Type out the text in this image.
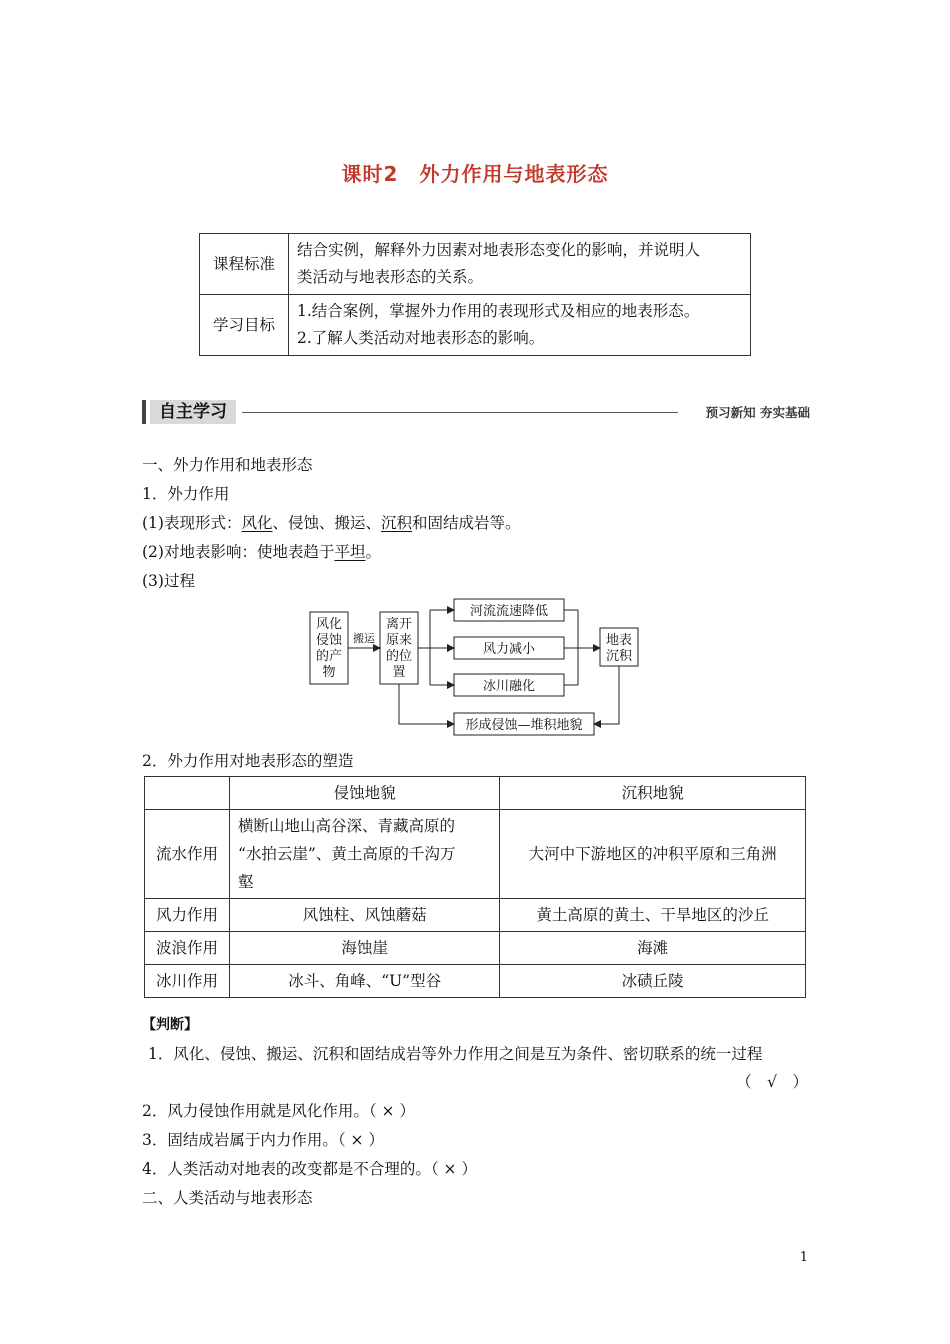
课时2　外力作用与地表形态
课程标准	结合实例，解释外力因素对地表形态变化的影响，并说明人
类活动与地表形态的关系。

学习目标	1.结合案例，掌握外力作用的表现形式及相应的地表形态。
2.了解人类活动对地表形态的影响。
自主学习	预习新知 夯实基础
一、外力作用和地表形态
1．外力作用
(1)表现形式：风化、侵蚀、搬运、沉积和固结成岩等。
(2)对地表影响：使地表趋于平坦。
(3)过程
风化
侵蚀
的产
物
搬运
离开
原来
的位
置
河流流速降低
风力减小
冰川融化
地表
沉积
形成侵蚀—堆积地貌
2．外力作用对地表形态的塑造
	侵蚀地貌	沉积地貌
流水作用	横断山地山高谷深、青藏高原的
“水拍云崖”、黄土高原的千沟万
壑	大河中下游地区的冲积平原和三角洲
风力作用	风蚀柱、风蚀蘑菇	黄土高原的黄土、干旱地区的沙丘
波浪作用	海蚀崖	海滩
冰川作用	冰斗、角峰、“U”型谷	冰碛丘陵
【判断】
1．风化、侵蚀、搬运、沉积和固结成岩等外力作用之间是互为条件、密切联系的统一过程
（　√　）
2．风力侵蚀作用就是风化作用。（ × ）
3．固结成岩属于内力作用。（ × ）
4．人类活动对地表的改变都是不合理的。（ × ）
二、人类活动与地表形态
1
